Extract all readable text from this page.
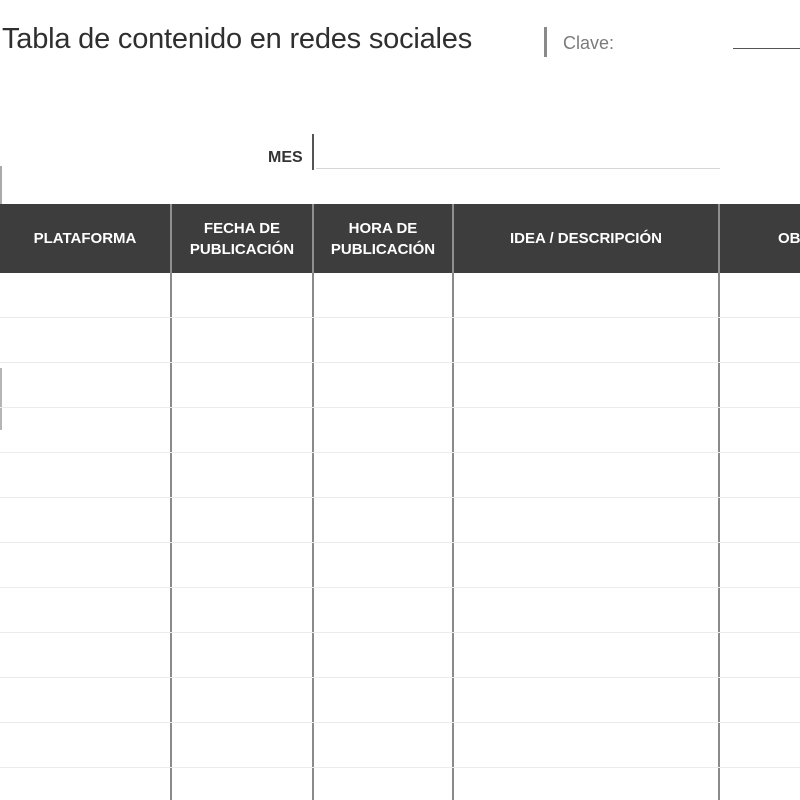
Tabla de contenido en redes sociales	Clave:
MES
PLATAFORMA
FECHA DE
PUBLICACIÓN
HORA DE
PUBLICACIÓN
IDEA / DESCRIPCIÓN	OB
